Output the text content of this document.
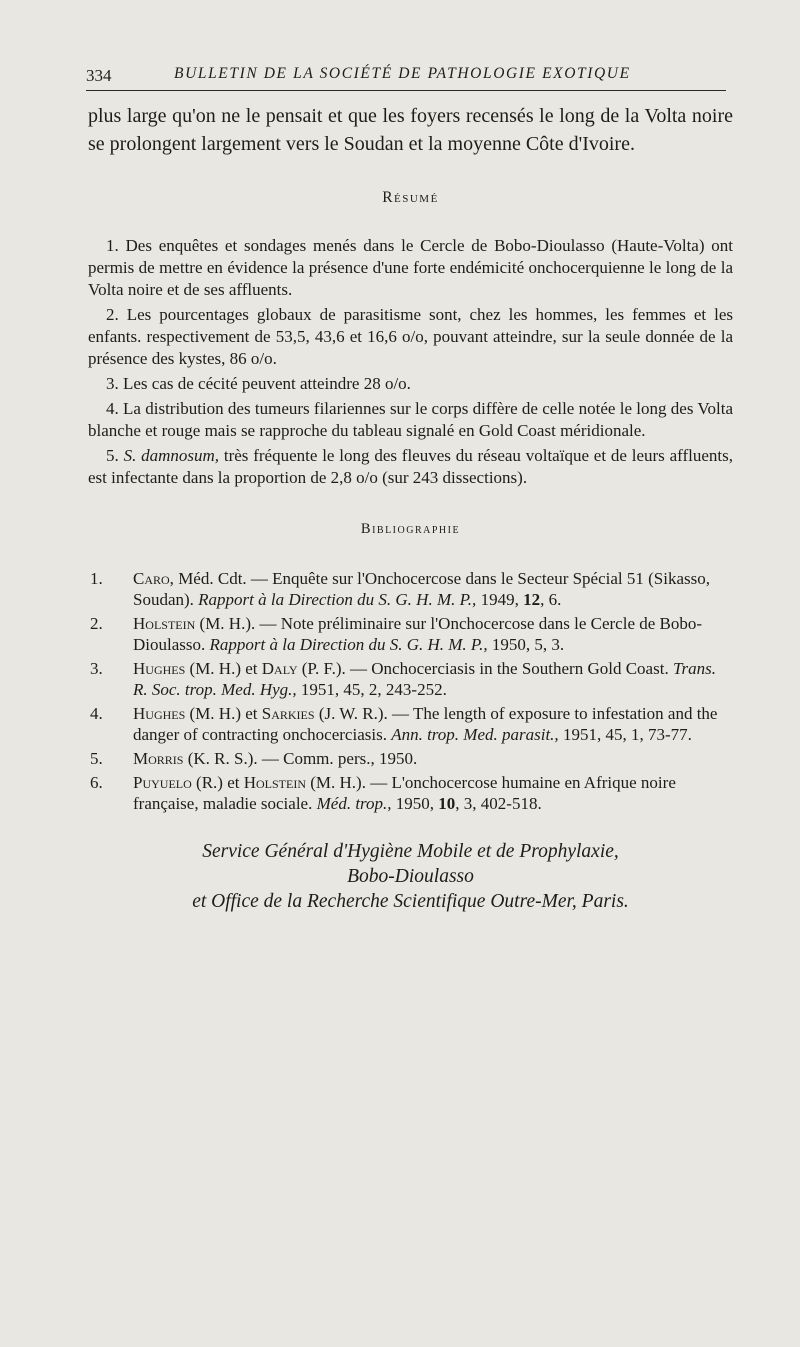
334	BULLETIN DE LA SOCIÉTÉ DE PATHOLOGIE EXOTIQUE

plus large qu'on ne le pensait et que les foyers recensés le long de la Volta noire se prolongent largement vers le Soudan et la moyenne Côte d'Ivoire.

Résumé

1. Des enquêtes et sondages menés dans le Cercle de Bobo-Dioulasso (Haute-Volta) ont permis de mettre en évidence la présence d'une forte endémicité onchocerquienne le long de la Volta noire et de ses affluents.

2. Les pourcentages globaux de parasitisme sont, chez les hommes, les femmes et les enfants. respectivement de 53,5, 43,6 et 16,6 o/o, pouvant atteindre, sur la seule donnée de la présence des kystes, 86 o/o.

3. Les cas de cécité peuvent atteindre 28 o/o.

4. La distribution des tumeurs filariennes sur le corps diffère de celle notée le long des Volta blanche et rouge mais se rapproche du tableau signalé en Gold Coast méridionale.

5. S. damnosum, très fréquente le long des fleuves du réseau voltaïque et de leurs affluents, est infectante dans la proportion de 2,8 o/o (sur 243 dissections).

Bibliographie

1. Caro, Méd. Cdt. — Enquête sur l'Onchocercose dans le Secteur Spécial 51 (Sikasso, Soudan). Rapport à la Direction du S. G. H. M. P., 1949, 12, 6.

2. Holstein (M. H.). — Note préliminaire sur l'Onchocercose dans le Cercle de Bobo-Dioulasso. Rapport à la Direction du S. G. H. M. P., 1950, 5, 3.

3. Hughes (M. H.) et Daly (P. F.). — Onchocerciasis in the Southern Gold Coast. Trans. R. Soc. trop. Med. Hyg., 1951, 45, 2, 243-252.

4. Hughes (M. H.) et Sarkies (J. W. R.). — The length of exposure to infestation and the danger of contracting onchocerciasis. Ann. trop. Med. parasit., 1951, 45, 1, 73-77.

5. Morris (K. R. S.). — Comm. pers., 1950.

6. Puyuelo (R.) et Holstein (M. H.). — L'onchocercose humaine en Afrique noire française, maladie sociale. Méd. trop., 1950, 10, 3, 402-518.

Service Général d'Hygiène Mobile et de Prophylaxie,
Bobo-Dioulasso
et Office de la Recherche Scientifique Outre-Mer, Paris.
